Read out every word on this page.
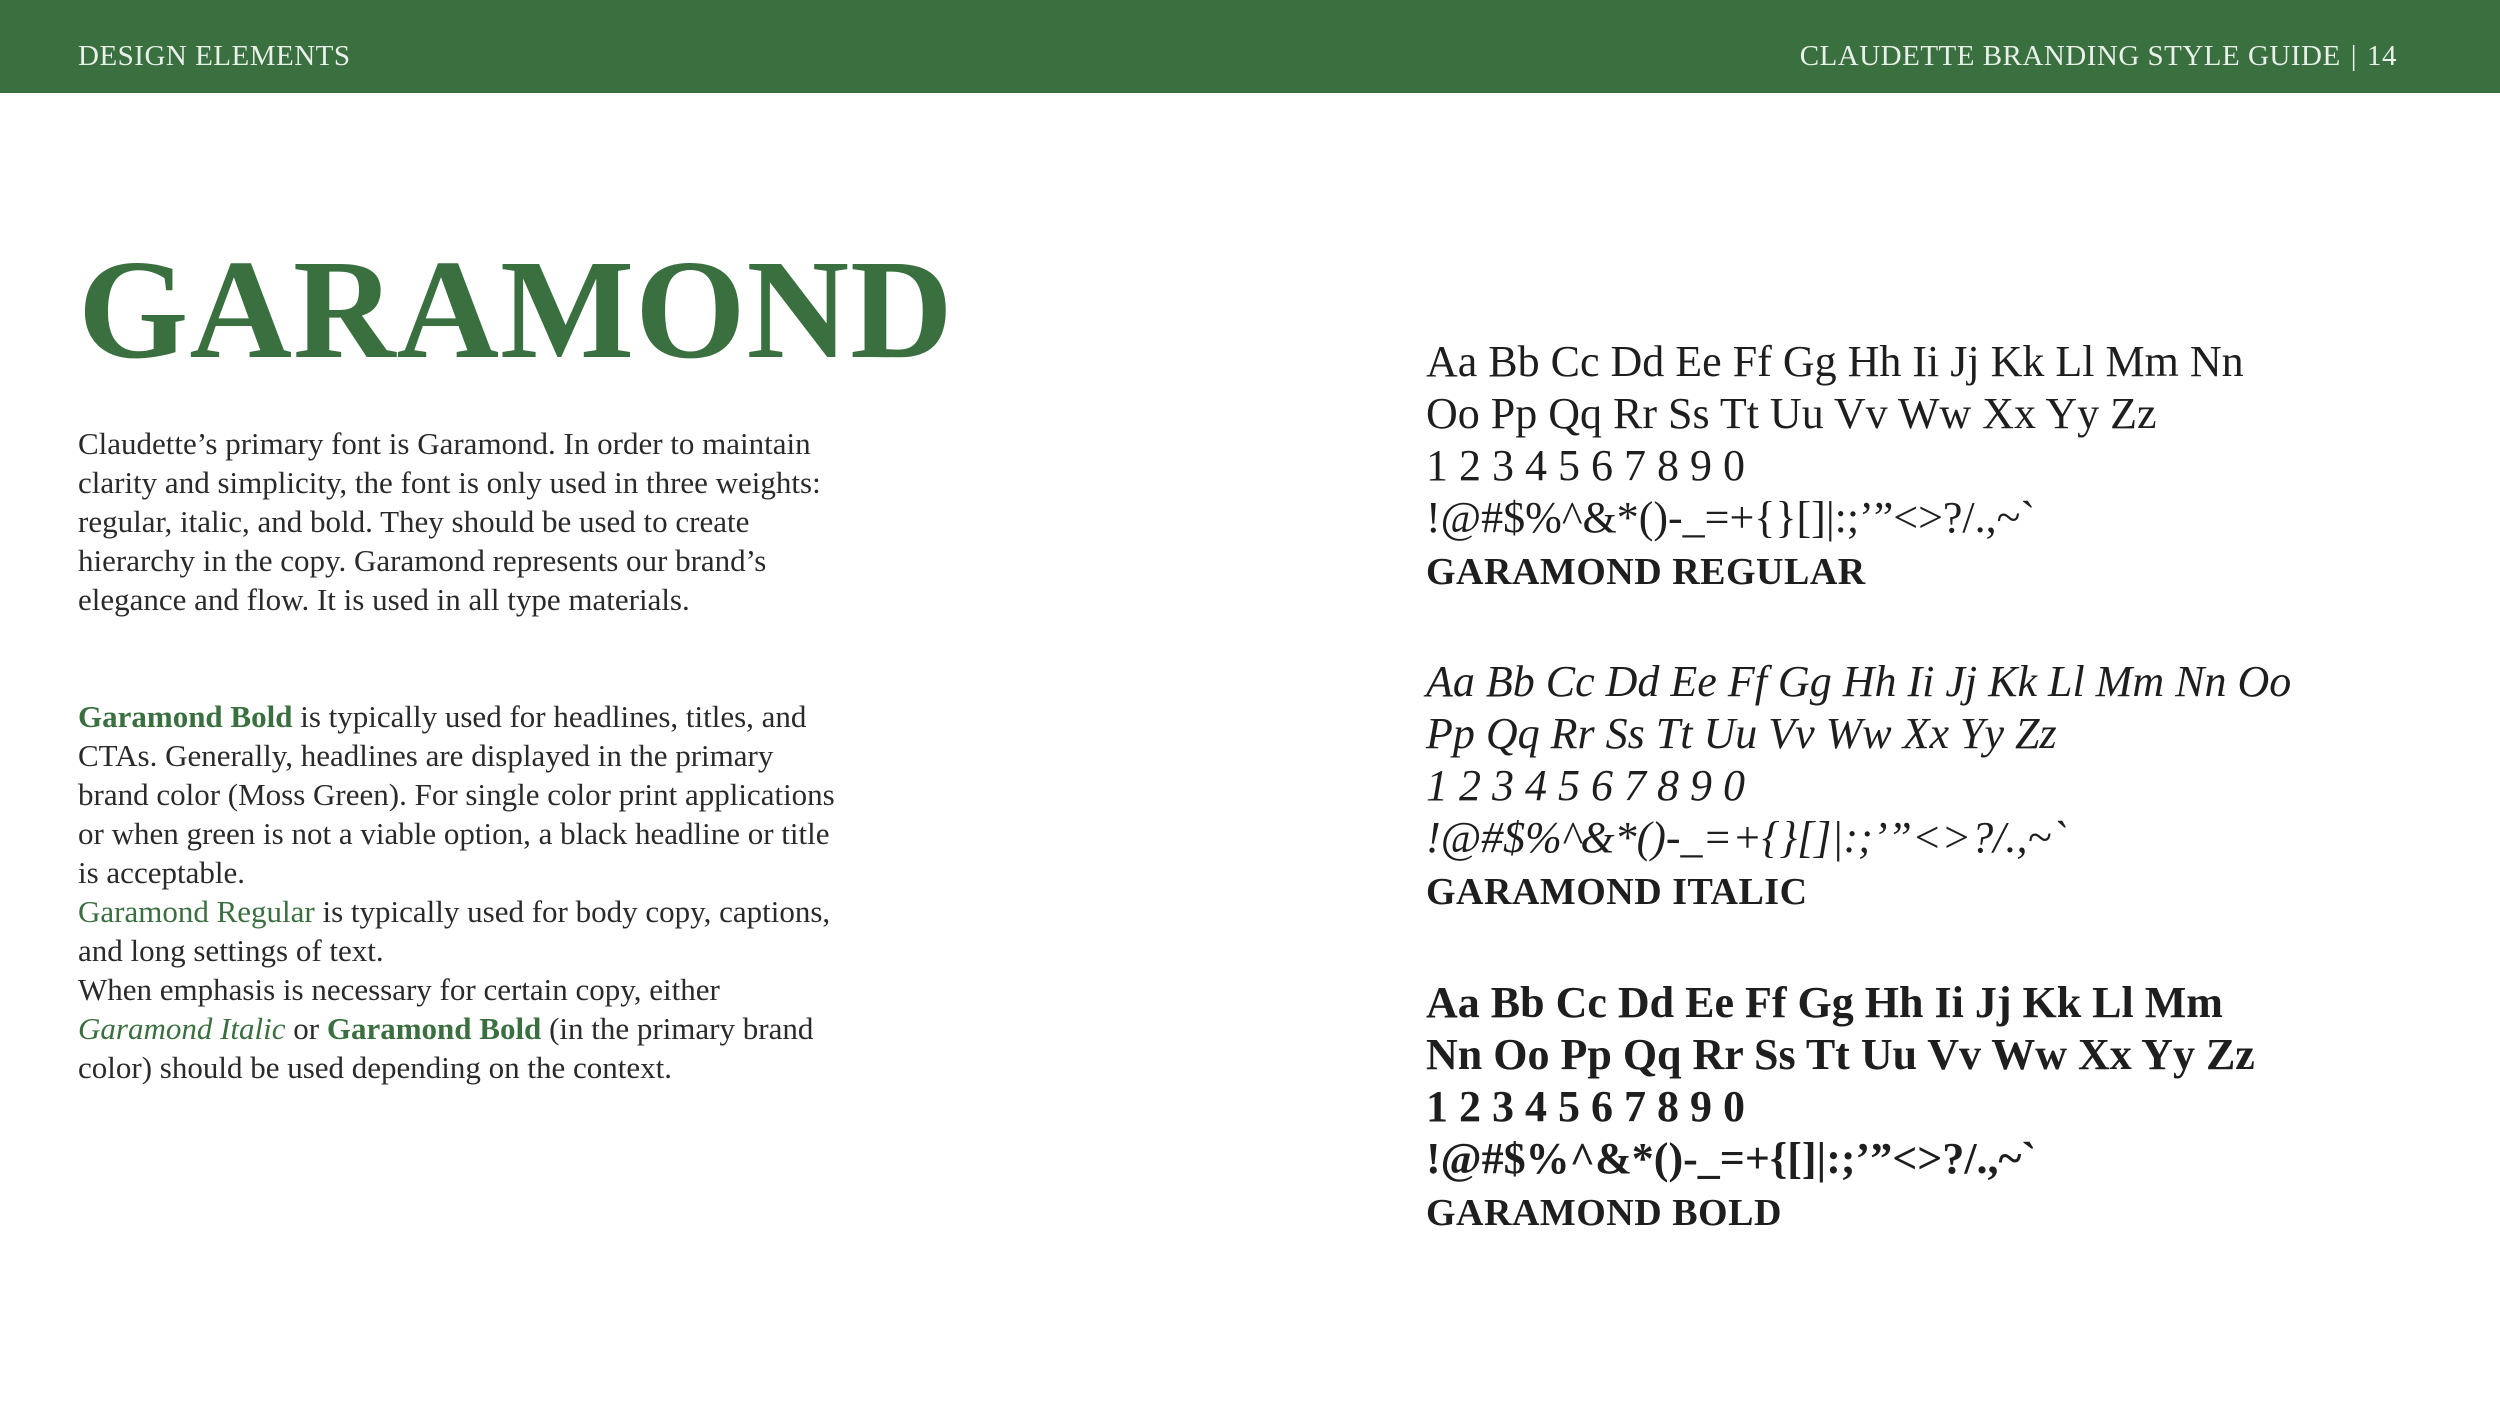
DESIGN ELEMENTS	CLAUDETTE BRANDING STYLE GUIDE | 14
GARAMOND

Claudette’s primary font is Garamond. In order to maintain clarity and simplicity, the font is only used in three weights: regular, italic, and bold. They should be used to create hierarchy in the copy. Garamond represents our brand’s elegance and flow. It is used in all type materials.

Garamond Bold is typically used for headlines, titles, and CTAs. Generally, headlines are displayed in the primary brand color (Moss Green). For single color print applications or when green is not a viable option, a black headline or title is acceptable.
Garamond Regular is typically used for body copy, captions, and long settings of text.
When emphasis is necessary for certain copy, either Garamond Italic or Garamond Bold (in the primary brand color) should be used depending on the context.

Aa Bb Cc Dd Ee Ff Gg Hh Ii Jj Kk Ll Mm Nn
Oo Pp Qq Rr Ss Tt Uu Vv Ww Xx Yy Zz
1 2 3 4 5 6 7 8 9 0
!@#$%^&*()-_=+{}[]|:;’”<>?/.,~`
GARAMOND REGULAR
Aa Bb Cc Dd Ee Ff Gg Hh Ii Jj Kk Ll Mm Nn Oo
Pp Qq Rr Ss Tt Uu Vv Ww Xx Yy Zz
1 2 3 4 5 6 7 8 9 0
!@#$%^&*()-_=+{}[]|:;’”<>?/.,~`
GARAMOND ITALIC
Aa Bb Cc Dd Ee Ff Gg Hh Ii Jj Kk Ll Mm
Nn Oo Pp Qq Rr Ss Tt Uu Vv Ww Xx Yy Zz
1 2 3 4 5 6 7 8 9 0
!@#$%^&*()-_=+{[]|:;’”<>?/.,~`
GARAMOND BOLD
